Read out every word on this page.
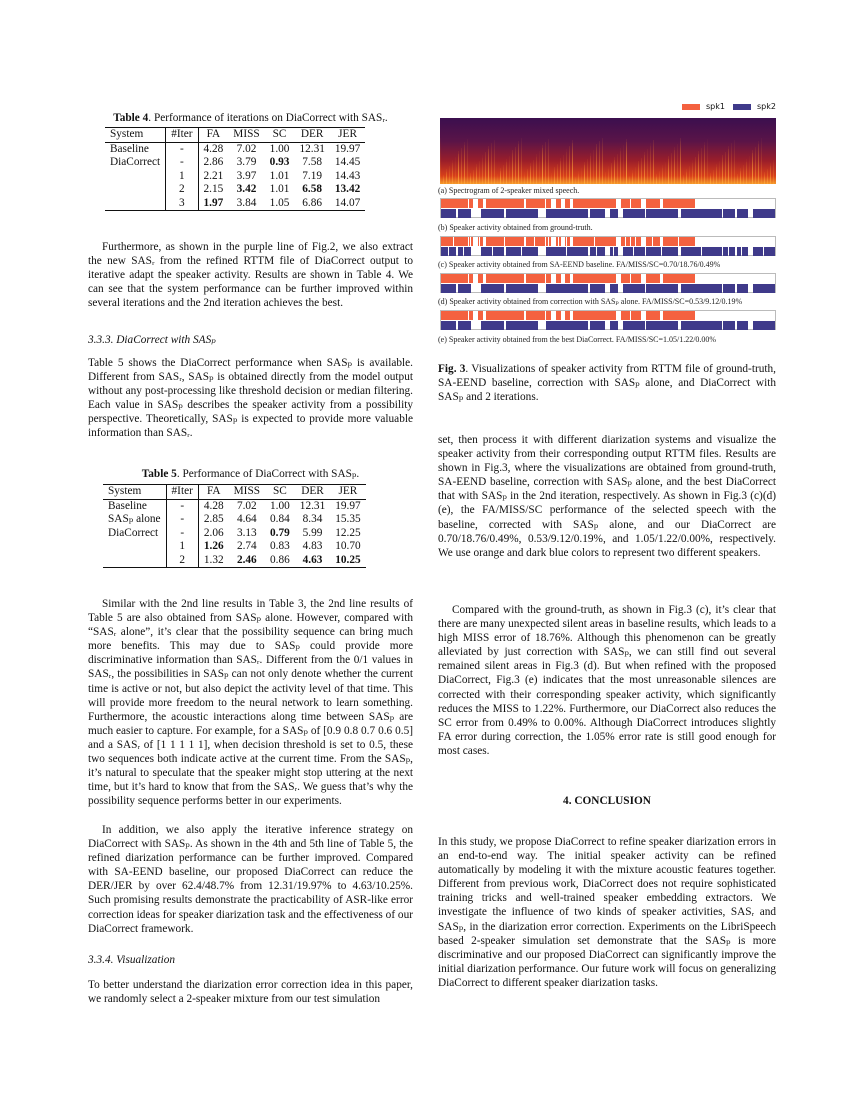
Table 4. Performance of iterations on DiaCorrect with SASᵣ.
System	#Iter	FA	MISS	SC	DER	JER
Baseline	-	4.28	7.02	1.00	12.31	19.97
DiaCorrect	-	2.86	3.79	0.93	7.58	14.45
	1	2.21	3.97	1.01	7.19	14.43
	2	2.15	3.42	1.01	6.58	13.42
	3	1.97	3.84	1.05	6.86	14.07

Furthermore, as shown in the purple line of Fig.2, we also extract the new SASᵣ from the refined RTTM file of DiaCorrect output to iterative adapt the speaker activity. Results are shown in Table 4. We can see that the system performance can be further improved within several iterations and the 2nd iteration achieves the best.

3.3.3. DiaCorrect with SASₚ

Table 5 shows the DiaCorrect performance when SASₚ is available. Different from SASᵣ, SASₚ is obtained directly from the model output without any post-processing like threshold decision or median filtering. Each value in SASₚ describes the speaker activity from a possibility perspective. Theoretically, SASₚ is expected to provide more valuable information than SASᵣ.

Table 5. Performance of DiaCorrect with SASₚ.
System	#Iter	FA	MISS	SC	DER	JER
Baseline	-	4.28	7.02	1.00	12.31	19.97
SASₚ alone	-	2.85	4.64	0.84	8.34	15.35
DiaCorrect	-	2.06	3.13	0.79	5.99	12.25
	1	1.26	2.74	0.83	4.83	10.70
	2	1.32	2.46	0.86	4.63	10.25

Similar with the 2nd line results in Table 3, the 2nd line results of Table 5 are also obtained from SASₚ alone. However, compared with “SASᵣ alone”, it’s clear that the possibility sequence can bring much more benefits. This may due to SASₚ could provide more discriminative information than SASᵣ. Different from the 0/1 values in SASᵣ, the possibilities in SASₚ can not only denote whether the current time is active or not, but also depict the activity level of that time. This will provide more freedom to the neural network to learn something. Furthermore, the acoustic interactions along time between SASₚ are much easier to capture. For example, for a SASₚ of [0.9 0.8 0.7 0.6 0.5] and a SASᵣ of [1 1 1 1 1], when decision threshold is set to 0.5, these two sequences both indicate active at the current time. From the SASₚ, it’s natural to speculate that the speaker might stop uttering at the next time, but it’s hard to know that from the SASᵣ. We guess that’s why the possibility sequence performs better in our experiments.

In addition, we also apply the iterative inference strategy on DiaCorrect with SASₚ. As shown in the 4th and 5th line of Table 5, the refined diarization performance can be further improved. Compared with SA-EEND baseline, our proposed DiaCorrect can reduce the DER/JER by over 62.4/48.7% from 12.31/19.97% to 4.63/10.25%. Such promising results demonstrate the practicability of ASR-like error correction ideas for speaker diarization task and the effectiveness of our DiaCorrect framework.

3.3.4. Visualization

To better understand the diarization error correction idea in this paper, we randomly select a 2-speaker mixture from our test simulation

spk1	spk2
(a) Spectrogram of 2-speaker mixed speech.
(b) Speaker activity obtained from ground-truth.
(c) Speaker activity obtained from SA-EEND baseline. FA/MISS/SC=0.70/18.76/0.49%
(d) Speaker activity obtained from correction with SASₚ alone. FA/MISS/SC=0.53/9.12/0.19%
(e) Speaker activity obtained from the best DiaCorrect. FA/MISS/SC=1.05/1.22/0.00%
Fig. 3. Visualizations of speaker activity from RTTM file of ground-truth, SA-EEND baseline, correction with SASₚ alone, and DiaCorrect with SASₚ and 2 iterations.

set, then process it with different diarization systems and visualize the speaker activity from their corresponding output RTTM files. Results are shown in Fig.3, where the visualizations are obtained from ground-truth, SA-EEND baseline, correction with SASₚ alone, and the best DiaCorrect that with SASₚ in the 2nd iteration, respectively. As shown in Fig.3 (c)(d)(e), the FA/MISS/SC performance of the selected speech with the baseline, corrected with SASₚ alone, and our DiaCorrect are 0.70/18.76/0.49%, 0.53/9.12/0.19%, and 1.05/1.22/0.00%, respectively. We use orange and dark blue colors to represent two different speakers.

Compared with the ground-truth, as shown in Fig.3 (c), it’s clear that there are many unexpected silent areas in baseline results, which leads to a high MISS error of 18.76%. Although this phenomenon can be greatly alleviated by just correction with SASₚ, we can still find out several remained silent areas in Fig.3 (d). But when refined with the proposed DiaCorrect, Fig.3 (e) indicates that the most unreasonable silences are corrected with their corresponding speaker activity, which significantly reduces the MISS to 1.22%. Furthermore, our DiaCorrect also reduces the SC error from 0.49% to 0.00%. Although DiaCorrect introduces slightly FA error during correction, the 1.05% error rate is still good enough for most cases.

4. CONCLUSION

In this study, we propose DiaCorrect to refine speaker diarization errors in an end-to-end way. The initial speaker activity can be refined automatically by modeling it with the mixture acoustic features together. Different from previous work, DiaCorrect does not require sophisticated training tricks and well-trained speaker embedding extractors. We investigate the influence of two kinds of speaker activities, SASᵣ and SASₚ, in the diarization error correction. Experiments on the LibriSpeech based 2-speaker simulation set demonstrate that the SASₚ is more discriminative and our proposed DiaCorrect can significantly improve the initial diarization performance. Our future work will focus on generalizing DiaCorrect to different speaker diarization tasks.
